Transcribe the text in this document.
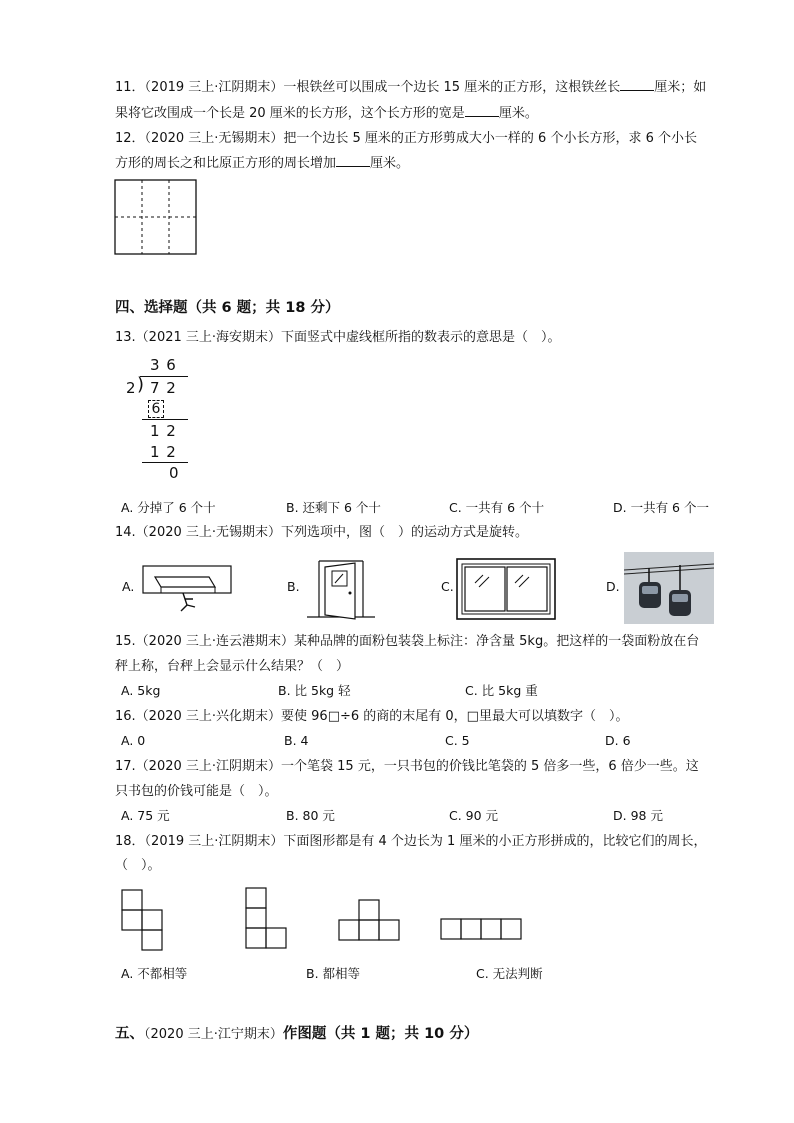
11．（2019 三上·江阴期末）一根铁丝可以围成一个边长 15 厘米的正方形，这根铁丝长	厘米；如
果将它改围成一个长是 20 厘米的长方形，这个长方形的宽是	厘米。
12．（2020 三上·无锡期末）把一个边长 5 厘米的正方形剪成大小一样的 6 个小长方形，求 6 个小长
方形的周长之和比原正方形的周长增加	厘米。
四、选择题（共 6 题；共 18 分）
13.（2021 三上·海安期末）下面竖式中虚线框所指的数表示的意思是（　）。
3 6
2 ) 7 2
6
1 2
1 2
0
A. 分掉了 6 个十	B. 还剩下 6 个十	C. 一共有 6 个十	D. 一共有 6 个一
14.（2020 三上·无锡期末）下列选项中，图（　）的运动方式是旋转。
A.	B.	C.	D.
15.（2020 三上·连云港期末）某种品牌的面粉包装袋上标注：净含量 5kg。把这样的一袋面粉放在台
秤上称，台秤上会显示什么结果？（　）
A. 5kg	B. 比 5kg 轻	C. 比 5kg 重
16.（2020 三上·兴化期末）要使 96□÷6 的商的末尾有 0，□里最大可以填数字（　）。
A. 0	B. 4	C. 5	D. 6
17.（2020 三上·江阴期末）一个笔袋 15 元，一只书包的价钱比笔袋的 5 倍多一些，6 倍少一些。这
只书包的价钱可能是（　）。
A. 75 元	B. 80 元	C. 90 元	D. 98 元
18．（2019 三上·江阴期末）下面图形都是有 4 个边长为 1 厘米的小正方形拼成的，比较它们的周长，
（　）。
A. 不都相等	B. 都相等	C. 无法判断
五、（2020 三上·江宁期末）作图题（共 1 题；共 10 分）
